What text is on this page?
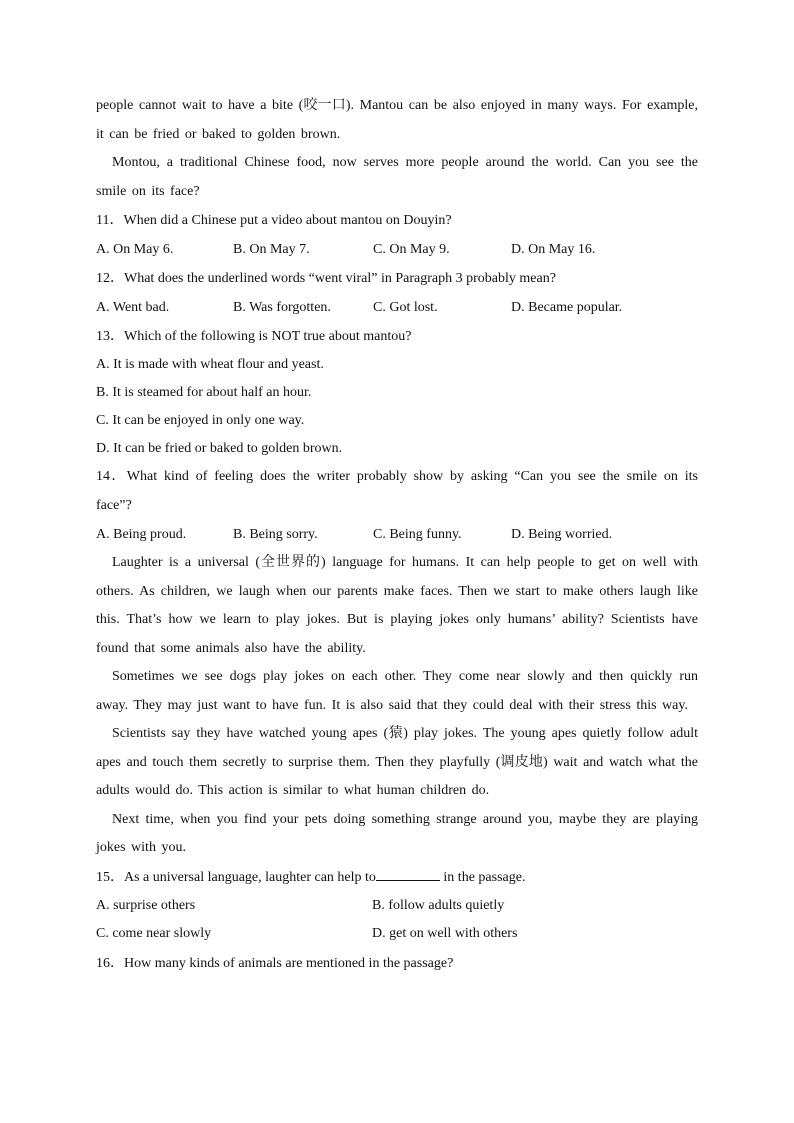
people cannot wait to have a bite (咬一口). Mantou can be also enjoyed in many ways. For example, it can be fried or baked to golden brown.

Montou, a traditional Chinese food, now serves more people around the world. Can you see the smile on its face?

11．When did a Chinese put a video about mantou on Douyin?

A. On May 6.	B. On May 7.	C. On May 9.	D. On May 16.

12．What does the underlined words “went viral” in Paragraph 3 probably mean?

A. Went bad.	B. Was forgotten.	C. Got lost.	D. Became popular.

13．Which of the following is NOT true about mantou?

A. It is made with wheat flour and yeast.

B. It is steamed for about half an hour.

C. It can be enjoyed in only one way.

D. It can be fried or baked to golden brown.

14．What kind of feeling does the writer probably show by asking “Can you see the smile on its face”?

A. Being proud.	B. Being sorry.	C. Being funny.	D. Being worried.

Laughter is a universal (全世界的) language for humans. It can help people to get on well with others. As children, we laugh when our parents make faces. Then we start to make others laugh like this. That’s how we learn to play jokes. But is playing jokes only humans’ ability? Scientists have found that some animals also have the ability.

Sometimes we see dogs play jokes on each other. They come near slowly and then quickly run away. They may just want to have fun. It is also said that they could deal with their stress this way.

Scientists say they have watched young apes (猿) play jokes. The young apes quietly follow adult apes and touch them secretly to surprise them. Then they playfully (调皮地) wait and watch what the adults would do. This action is similar to what human children do.

Next time, when you find your pets doing something strange around you, maybe they are playing jokes with you.

15．As a universal language, laughter can help to	in the passage.

A. surprise others	B. follow adults quietly
C. come near slowly	D. get on well with others

16．How many kinds of animals are mentioned in the passage?
